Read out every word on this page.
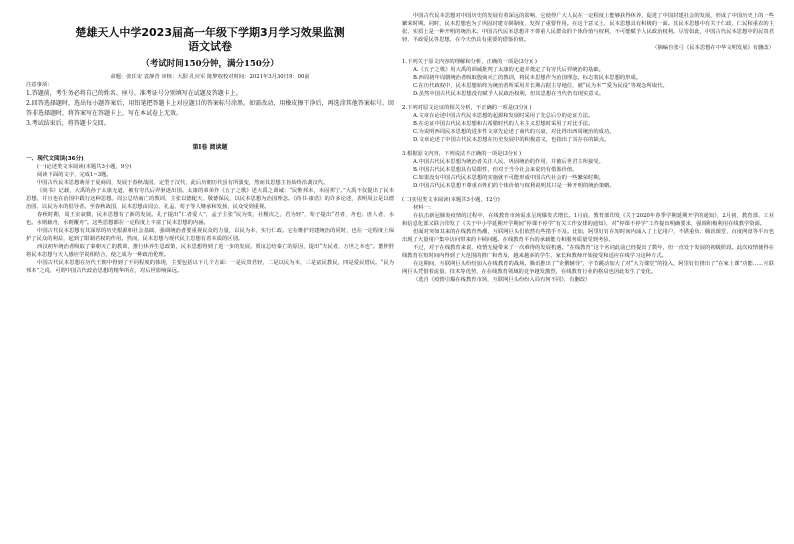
楚雄天人中学2023届高一年级下学期3月学习效果监测

语文试卷

（考试时间150分钟，满分150分）

命题：张任宋 袁静青 审核：大阳 孔应军 陈梦权校对时间：2021年3月30日9：00前

注意事项：

1.答题前，考生务必将自己的姓名、座号、准考证号分别填写在试题及答题卡上。

2.回答选择题时，选出每小题答案后，用铅笔把答题卡上对应题目的答案标号涂黑。如需改动，用橡皮擦干净后，再选涂其他答案标号。回答非选择题时，将答案写在答题卡上，写在本试卷上无效。

3.考试结束后，将答题卡交回。

第Ⅰ卷 阅读题

一、现代文阅读(36分)

(一)论述类文本阅读(本题共3小题，9分)

阅读下面的文字，完成1~3题。

中国古代民本思想萌芽于夏商周，发展于春秋战国，定型于汉代，此后历朝历代虽有所演变，然而其思想主旨始终沿袭汉代。

《尚书》记载，大禹的孙子太康无道，被有穷氏后羿驱逐出国。太康的弟弟作《五子之歌》述大禹之训诫：“民惟邦本，本固邦宁。”大禹不仅提出了民本思想，并且也在治国中践行这种思想。周公总结商亡的教训，主张以德配天、敬德保民，以民本思想为治国理念。《尚书·康诰》的许多论述，表明周公是以德治国、以民为本的倡导者。至春秋战国，民本思想由周公、孔孟、荀子等人继承和发扬，民众受到重视。

春秋时期，周王室衰微，民本思想有了新的发展。孔子提出“仁者爱人”，孟子主张“民为贵，社稷次之，君为轻”，荀子提出“君者，舟也；庶人者，水也。水则载舟，水则覆舟”。这些思想都在一定程度上丰富了民本思想的内涵。

中国古代民本思想有其深厚的历史根源和社会基础，强调统治者要重视民众的力量，以民为本，实行仁政。它在维护封建统治的同时，也在一定程度上保护了民众的利益，起到了限制君权的作用。然而，民本思想与现代民主思想有着本质的区别。

西汉初年统治者吸取了秦朝灭亡的教训，推行休养生息政策，民本思想得到了进一步的发展。贾谊总结秦亡的原因，提出“夫民者，万世之本也”。董仲舒将民本思想与天人感应学说相结合，使之成为一种政治伦理。

中国古代民本思想在历代王朝中得到了不同程度的体现，主要包括以下几个方面：一是民贵君轻，二是以民为本，三是富民教民，四是爱民惜民。“民为邦本”之说，可谓中国古代政治思想的精华所在，对后世影响深远。

中国古代民本思想对中国历史的发展有着深远的影响，它使得广大人民在一定程度上能够获得休养，促进了中国封建社会的发展，形成了中国历史上的一些繁荣时期。同时，民本思想也为了巩固封建专制制度，发挥了重要作用。在这个意义上，民本思想具有积极的一面。其民本思想中有关于仁政、仁民和重农的主张，实质上是一种开明的统治术。中国古代民本思想并不尊重人民群众的个体价值与权利，不可能赋予人民政治权利。尽管如此，中国古代民本思想中的民贵君轻、平政爱民等思想，在今天仍具有重要的借鉴价值。

（摘编自张弓《民本思想在中华文明发展》有删改）

1.下列关于原文内容的理解和分析，正确的一项是(3分)( )

A.《五子之歌》用大禹的训诫批判了太康的无道并奠定了有穷氏后羿统治的基础。

B.西周初年周朝统治者吸取殷商灭亡的教训，将民本思想作为治国理念，标志着民本思想的形成。

C.在历代政权中，民本思想始终为统治者所采用并长期占据主导地位，被“民为本”“爱为民役”等观念所取代。

D.虽然中国古代民本思想没有赋予人民政治权利，但其思想在当代仍有现实意义。

2.下列对原文论证的相关分析，不正确的一项是(3分)( )

A.文章在论述中国古代民本思想的起源和发展时采用了先总后分的论证方法。

B.在论证中国古代民本思想和古希腊时代的人本主义思想时采用了对比手法。

C.为说明西周民本思想的进步性文章先论述了商代的兴衰，对比得出西周统治的成功。

D.文章论述了中国古代民本思想在历史发展中的积极意义，也指出了其存在的缺点。

3.根据原文内容，下列说法不正确的一项是(3分)( )

A.中国古代民本思想为统治者关注人民，巩固统治的作用，并被后世君主所接受。

B.中国古代民本思想具有局限性，但对于当今社会来说仍有借鉴价值。

C.如果没有中国古代民本思想的实施就不可能形成中国古代社会的一些繁荣时期。

D.中国古代民本思想不尊重百姓们的个体价值与权利说明其只是一种开明的统治策略。

(二)实用类文本阅读(本题共3小题，12分)

材料一：

在抗击新冠肺炎疫情的过程中，在线教育市场需求呈现爆发式增长。1月底，教育部印发《关于2020年春季学期延期开学的通知》，2月初，教育部、工业和信息化部又联合印发了《关于中小学延期开学期间“停课不停学”有关工作安排的通知》，对“停课不停学”工作提出明确要求，强调积极利用在线教学资源。

但面对突如其来的在线教育热潮，互联网巨头们依然有些措手不及。比如，阿里钉钉在短时间内涌入了上亿用户，不堪重负；腾讯课堂、百度网盘等平台也出现了大量用户集中访问带来的卡顿问题。在线教育平台的承载能力和服务质量受到考验。

不过，对于在线教育来说，疫情无疑带来了一次难得的发展机遇。“在线教育”这个名词此前已经提出了数年，但一直处于发展的初级阶段。此次疫情使得在线教育在短时间内得到了大范围的推广和普及，越来越多的学生、家长和教师开始接受和适应在线学习这种方式。

在这期间，互联网巨头纷纷加入在线教育的战场。腾讯推出了“企鹅辅导”，字节跳动加大了对“大力课堂”的投入，阿里钉钉推出了“在家上课”功能……互联网巨头凭借着流量、技术等优势，在在线教育领域的竞争越发激烈，在线教育行业的格局也因此发生了变化。

（选自《疫情引爆在线教育市场，互联网巨头纷纷入局有何不同》，有删改）
